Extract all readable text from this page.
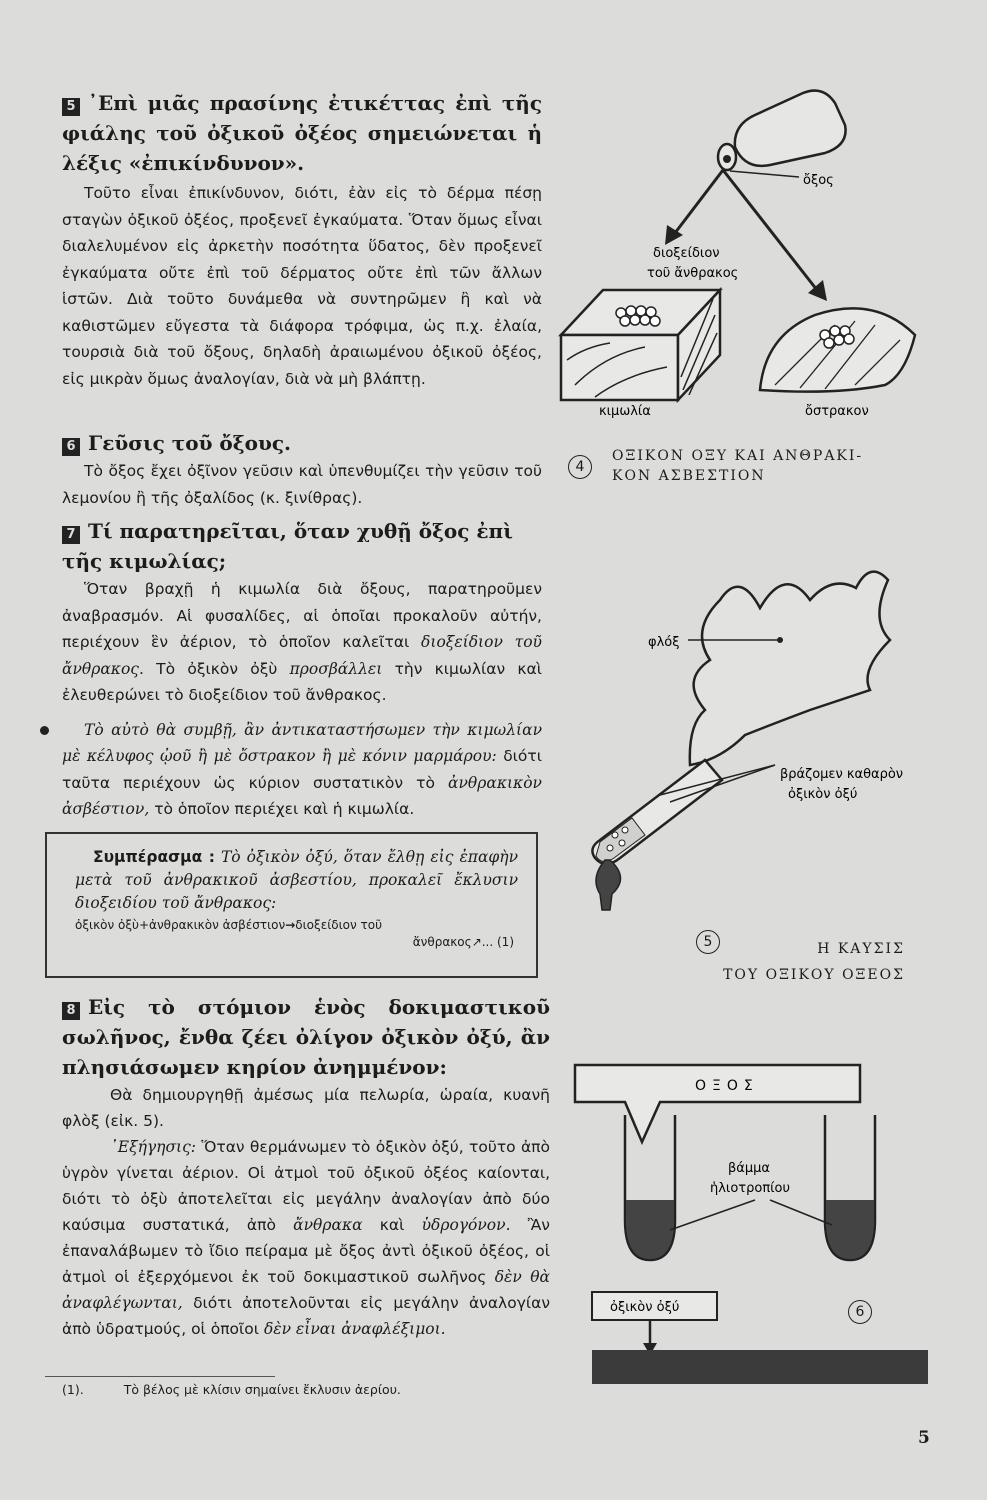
5 ᾽Επὶ μιᾶς πρασίνης ἐτικέττας ἐπὶ τῆς φιάλης τοῦ ὀξικοῦ ὀξέος σημειώνεται ἡ λέξις «ἐπικίνδυνον».
Τοῦτο εἶναι ἐπικίνδυνον, διότι, ἐὰν εἰς τὸ δέρμα πέσῃ σταγὼν ὀξικοῦ ὀξέος, προξενεῖ ἐγκαύματα. Ὅταν ὅμως εἶναι διαλελυμένον εἰς ἀρκετὴν ποσότητα ὕδατος, δὲν προξενεῖ ἐγκαύματα οὔτε ἐπὶ τοῦ δέρματος οὔτε ἐπὶ τῶν ἄλλων ἱστῶν. Διὰ τοῦτο δυνάμεθα νὰ συντηρῶμεν ἢ καὶ νὰ καθιστῶμεν εὔγεστα τὰ διάφορα τρόφιμα, ὡς π.χ. ἐλαία, τουρσιὰ διὰ τοῦ ὄξους, δηλαδὴ ἀραιωμένου ὀξικοῦ ὀξέος, εἰς μικρὰν ὅμως ἀναλογίαν, διὰ νὰ μὴ βλάπτῃ.
6 Γεῦσις τοῦ ὄξους.
Τὸ ὄξος ἔχει ὀξῖνον γεῦσιν καὶ ὑπενθυμίζει τὴν γεῦσιν τοῦ λεμονίου ἢ τῆς ὀξαλίδος (κ. ξινίθρας).
7 Τί παρατηρεῖται, ὅταν χυθῇ ὄξος ἐπὶ τῆς κιμωλίας;
Ὅταν βραχῇ ἡ κιμωλία διὰ ὄξους, παρατηροῦμεν ἀναβρασμόν. Αἱ φυσαλίδες, αἱ ὁποῖαι προκαλοῦν αὐτήν, περιέχουν ἓν ἀέριον, τὸ ὁποῖον καλεῖται διοξείδιον τοῦ ἄνθρακος. Τὸ ὀξικὸν ὀξὺ προσβάλλει τὴν κιμωλίαν καὶ ἐλευθερώνει τὸ διοξείδιον τοῦ ἄνθρακος.
Τὸ αὐτὸ θὰ συμβῇ, ἂν ἀντικαταστήσωμεν τὴν κιμωλίαν μὲ κέλυφος ᾠοῦ ἢ μὲ ὄστρακον ἢ μὲ κόνιν μαρμάρου: διότι ταῦτα περιέχουν ὡς κύριον συστατικὸν τὸ ἀνθρακικὸν ἀσβέστιον, τὸ ὁποῖον περιέχει καὶ ἡ κιμωλία.
Συμπέρασμα : Τὸ ὀξικὸν ὀξύ, ὅταν ἔλθῃ εἰς ἐπαφὴν μετὰ τοῦ ἀνθρακικοῦ ἀσβεστίου, προκαλεῖ ἔκλυσιν διοξειδίου τοῦ ἄνθρακος:
ὀξικὸν ὀξὺ+ἀνθρακικὸν ἀσβέστιον→διοξείδιον τοῦ
ἄνθρακος↗... (1)
8 Εἰς τὸ στόμιον ἑνὸς δοκιμαστικοῦ σωλῆνος, ἔνθα ζέει ὀλίγον ὀξικὸν ὀξύ, ἂν πλησιάσωμεν κηρίον ἀνημμένον:
Θὰ δημιουργηθῇ ἀμέσως μία πελωρία, ὡραία, κυανῆ φλὸξ (εἰκ. 5).
᾽Εξήγησις: Ὅταν θερμάνωμεν τὸ ὀξικὸν ὀξύ, τοῦτο ἀπὸ ὑγρὸν γίνεται ἀέριον. Οἱ ἀτμοὶ τοῦ ὀξικοῦ ὀξέος καίονται, διότι τὸ ὀξὺ ἀποτελεῖται εἰς μεγάλην ἀναλογίαν ἀπὸ δύο καύσιμα συστατικά, ἀπὸ ἄνθρακα καὶ ὑδρογόνον. Ἂν ἐπαναλάβωμεν τὸ ἴδιο πείραμα μὲ ὄξος ἀντὶ ὀξικοῦ ὀξέος, οἱ ἀτμοὶ οἱ ἐξερχόμενοι ἐκ τοῦ δοκιμαστικοῦ σωλῆνος δὲν θὰ ἀναφλέγωνται, διότι ἀποτελοῦνται εἰς μεγάλην ἀναλογίαν ἀπὸ ὑδρατμούς, οἱ ὁποῖοι δὲν εἶναι ἀναφλέξιμοι.
(1).	Τὸ βέλος μὲ κλίσιν σημαίνει ἔκλυσιν ἀερίου.
5
ὄξος
διοξείδιον
τοῦ ἄνθρακος
κιμωλία	ὄστρακον
4
ΟΞΙΚΟΝ ΟΞΥ ΚΑΙ ΑΝΘΡΑΚΙ-
ΚΟΝ ΑΣΒΕΣΤΙΟΝ
φλόξ
βράζομεν καθαρὸν
ὀξικὸν ὀξύ
5	Η ΚΑΥΣΙΣ
ΤΟΥ ΟΞΙΚΟΥ ΟΞΕΟΣ
ΟΞΟΣ
βάμμα
ἡλιοτροπίου
ὀξικὸν ὀξύ	6
